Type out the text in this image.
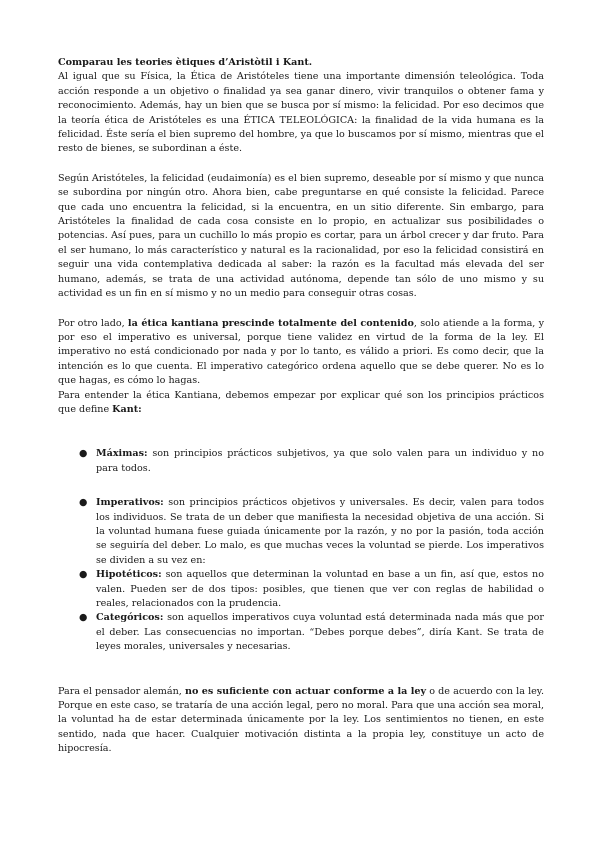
Comparau les teories ètiques d’Aristòtil i Kant.

Al igual que su Física, la Ética de Aristóteles tiene una importante dimensión teleológica. Toda acción responde a un objetivo o finalidad ya sea ganar dinero, vivir tranquilos o obtener fama y reconocimiento. Además, hay un bien que se busca por sí mismo: la felicidad. Por eso decimos que la teoría ética de Aristóteles es una ÉTICA TELEOLÓGICA: la finalidad de la vida humana es la felicidad. Éste sería el bien supremo del hombre, ya que lo buscamos por sí mismo, mientras que el resto de bienes, se subordinan a éste.

Según Aristóteles, la felicidad (eudaimonía) es el bien supremo, deseable por sí mismo y que nunca se subordina por ningún otro. Ahora bien, cabe preguntarse en qué consiste la felicidad. Parece que cada uno encuentra la felicidad, si la encuentra, en un sitio diferente. Sin embargo, para Aristóteles la finalidad de cada cosa consiste en lo propio, en actualizar sus posibilidades o potencias. Así pues, para un cuchillo lo más propio es cortar, para un árbol crecer y dar fruto. Para el ser humano, lo más característico y natural es la racionalidad, por eso la felicidad consistirá en seguir una vida contemplativa dedicada al saber: la razón es la facultad más elevada del ser humano, además, se trata de una actividad autónoma, depende tan sólo de uno mismo y su actividad es un fin en sí mismo y no un medio para conseguir otras cosas.

Por otro lado, la ética kantiana prescinde totalmente del contenido, solo atiende a la forma, y por eso el imperativo es universal, porque tiene validez en virtud de la forma de la ley. El imperativo no está condicionado por nada y por lo tanto, es válido a priori. Es como decir, que la intención es lo que cuenta. El imperativo categórico ordena aquello que se debe querer. No es lo que hagas, es cómo lo hagas.

Para entender la ética Kantiana, debemos empezar por explicar qué son los principios prácticos que define Kant:

● Máximas: son principios prácticos subjetivos, ya que solo valen para un individuo y no para todos.
● Imperativos: son principios prácticos objetivos y universales. Es decir, valen para todos los individuos. Se trata de un deber que manifiesta la necesidad objetiva de una acción. Si la voluntad humana fuese guiada únicamente por la razón, y no por la pasión, toda acción se seguiría del deber. Lo malo, es que muchas veces la voluntad se pierde. Los imperativos se dividen a su vez en:
● Hipotéticos: son aquellos que determinan la voluntad en base a un fin, así que, estos no valen. Pueden ser de dos tipos: posibles, que tienen que ver con reglas de habilidad o reales, relacionados con la prudencia.
● Categóricos: son aquellos imperativos cuya voluntad está determinada nada más que por el deber. Las consecuencias no importan. “Debes porque debes”, diría Kant. Se trata de leyes morales, universales y necesarias.

Para el pensador alemán, no es suficiente con actuar conforme a la ley o de acuerdo con la ley. Porque en este caso, se trataría de una acción legal, pero no moral. Para que una acción sea moral, la voluntad ha de estar determinada únicamente por la ley. Los sentimientos no tienen, en este sentido, nada que hacer. Cualquier motivación distinta a la propia ley, constituye un acto de hipocresía.
